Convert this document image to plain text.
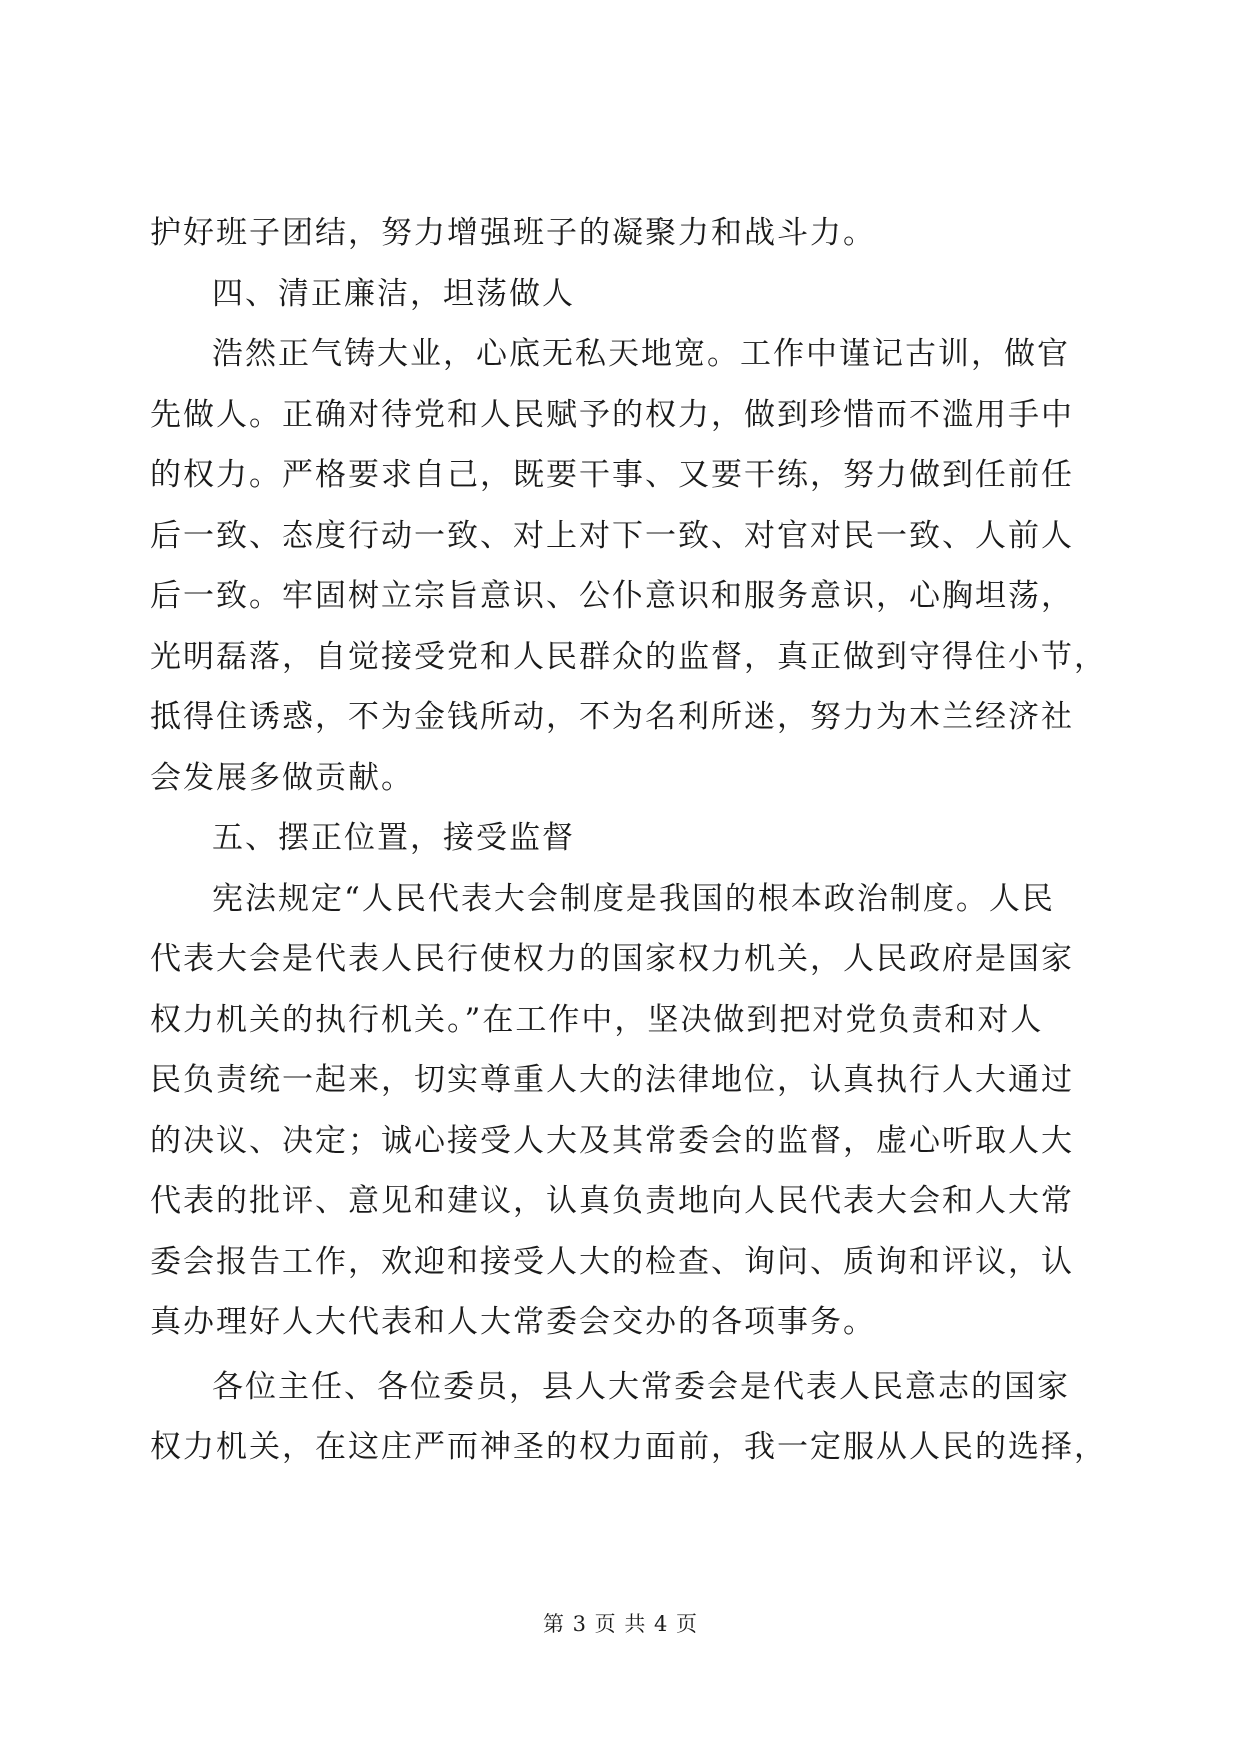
护好班子团结，努力增强班子的凝聚力和战斗力。
四、清正廉洁，坦荡做人
浩然正气铸大业，心底无私天地宽。工作中谨记古训，做官
先做人。正确对待党和人民赋予的权力，做到珍惜而不滥用手中
的权力。严格要求自己，既要干事、又要干练，努力做到任前任
后一致、态度行动一致、对上对下一致、对官对民一致、人前人
后一致。牢固树立宗旨意识、公仆意识和服务意识，心胸坦荡，
光明磊落，自觉接受党和人民群众的监督，真正做到守得住小节，
抵得住诱惑，不为金钱所动，不为名利所迷，努力为木兰经济社
会发展多做贡献。
五、摆正位置，接受监督
宪法规定“人民代表大会制度是我国的根本政治制度。人民
代表大会是代表人民行使权力的国家权力机关，人民政府是国家
权力机关的执行机关。”在工作中，坚决做到把对党负责和对人
民负责统一起来，切实尊重人大的法律地位，认真执行人大通过
的决议、决定；诚心接受人大及其常委会的监督，虚心听取人大
代表的批评、意见和建议，认真负责地向人民代表大会和人大常
委会报告工作，欢迎和接受人大的检查、询问、质询和评议，认
真办理好人大代表和人大常委会交办的各项事务。
各位主任、各位委员，县人大常委会是代表人民意志的国家
权力机关，在这庄严而神圣的权力面前，我一定服从人民的选择，
第 3 页 共 4 页
